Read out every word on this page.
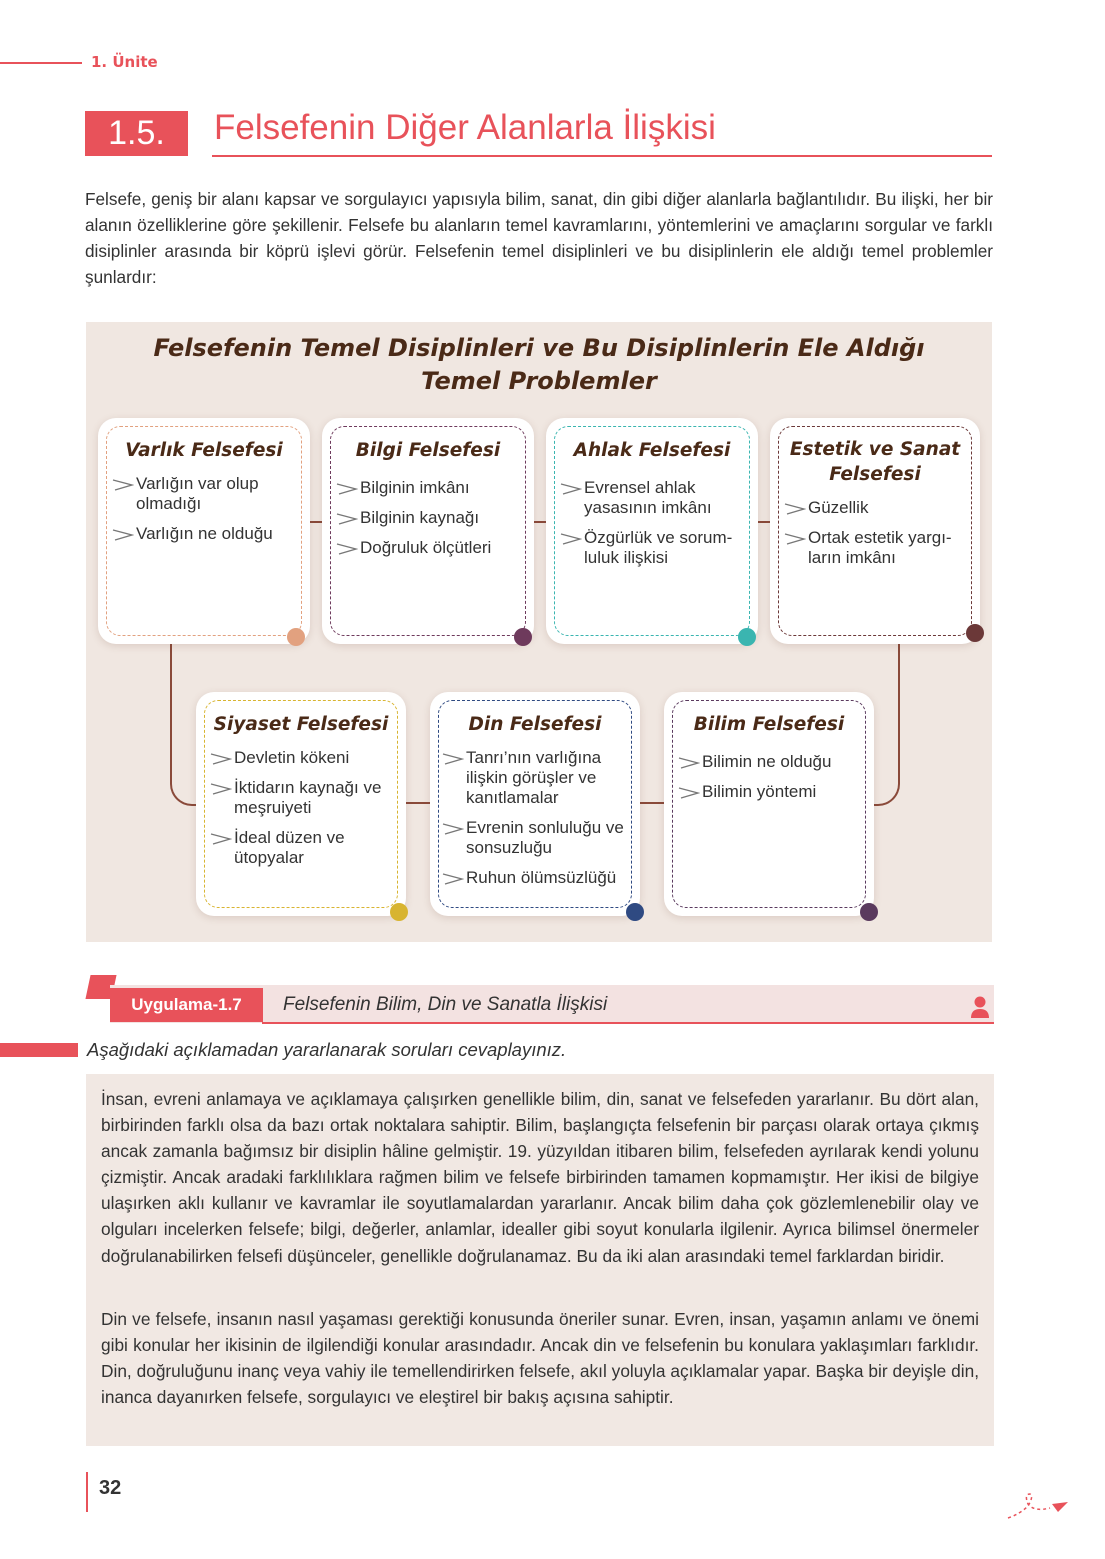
1. Ünite
1.5.	Felsefenin Diğer Alanlarla İlişkisi
Felsefe, geniş bir alanı kapsar ve sorgulayıcı yapısıyla bilim, sanat, din gibi diğer alanlarla bağlantılıdır. Bu ilişki, her bir alanın özelliklerine göre şekillenir. Felsefe bu alanların temel kavramlarını, yöntemlerini ve amaçlarını sorgular ve farklı disiplinler arasında bir köprü işlevi görür. Felsefenin temel disiplinleri ve bu disiplinlerin ele aldığı temel problemler şunlardır:
Felsefenin Temel Disiplinleri ve Bu Disiplinlerin Ele Aldığı
Temel Problemler
Varlık Felsefesi
Varlığın var olup olmadığı
Varlığın ne olduğu
Bilgi Felsefesi
Bilginin imkânı
Bilginin kaynağı
Doğruluk ölçütleri
Ahlak Felsefesi
Evrensel ahlak yasasının imkânı
Özgürlük ve sorum-luluk ilişkisi
Estetik ve Sanat Felsefesi
Güzellik
Ortak estetik yargı-ların imkânı
Siyaset Felsefesi
Devletin kökeni
İktidarın kaynağı ve meşruiyeti
İdeal düzen ve ütopyalar
Din Felsefesi
Tanrı’nın varlığına ilişkin görüşler ve kanıtlamalar
Evrenin sonluluğu ve sonsuzluğu
Ruhun ölümsüzlüğü
Bilim Felsefesi
Bilimin ne olduğu
Bilimin yöntemi
Uygulama-1.7	Felsefenin Bilim, Din ve Sanatla İlişkisi
Aşağıdaki açıklamadan yararlanarak soruları cevaplayınız.

İnsan, evreni anlamaya ve açıklamaya çalışırken genellikle bilim, din, sanat ve felsefeden yararlanır. Bu dört alan, birbirinden farklı olsa da bazı ortak noktalara sahiptir. Bilim, başlangıçta felsefenin bir parçası olarak ortaya çıkmış ancak zamanla bağımsız bir disiplin hâline gelmiştir. 19. yüzyıldan itibaren bilim, felsefeden ayrılarak kendi yolunu çizmiştir. Ancak aradaki farklılıklara rağmen bilim ve felsefe birbirinden tamamen kopmamıştır. Her ikisi de bilgiye ulaşırken aklı kullanır ve kavramlar ile soyutlamalardan yararlanır. Ancak bilim daha çok gözlemlenebilir olay ve olguları incelerken felsefe; bilgi, değerler, anlamlar, idealler gibi soyut konularla ilgilenir. Ayrıca bilimsel önermeler doğrulanabilirken felsefi düşünceler, genellikle doğrulanamaz. Bu da iki alan arasındaki temel farklardan biridir.

Din ve felsefe, insanın nasıl yaşaması gerektiği konusunda öneriler sunar. Evren, insan, yaşamın anlamı ve önemi gibi konular her ikisinin de ilgilendiği konular arasındadır. Ancak din ve felsefenin bu konulara yaklaşımları farklıdır. Din, doğruluğunu inanç veya vahiy ile temellendirirken felsefe, akıl yoluyla açıklamalar yapar. Başka bir deyişle din, inanca dayanırken felsefe, sorgulayıcı ve eleştirel bir bakış açısına sahiptir.

32
